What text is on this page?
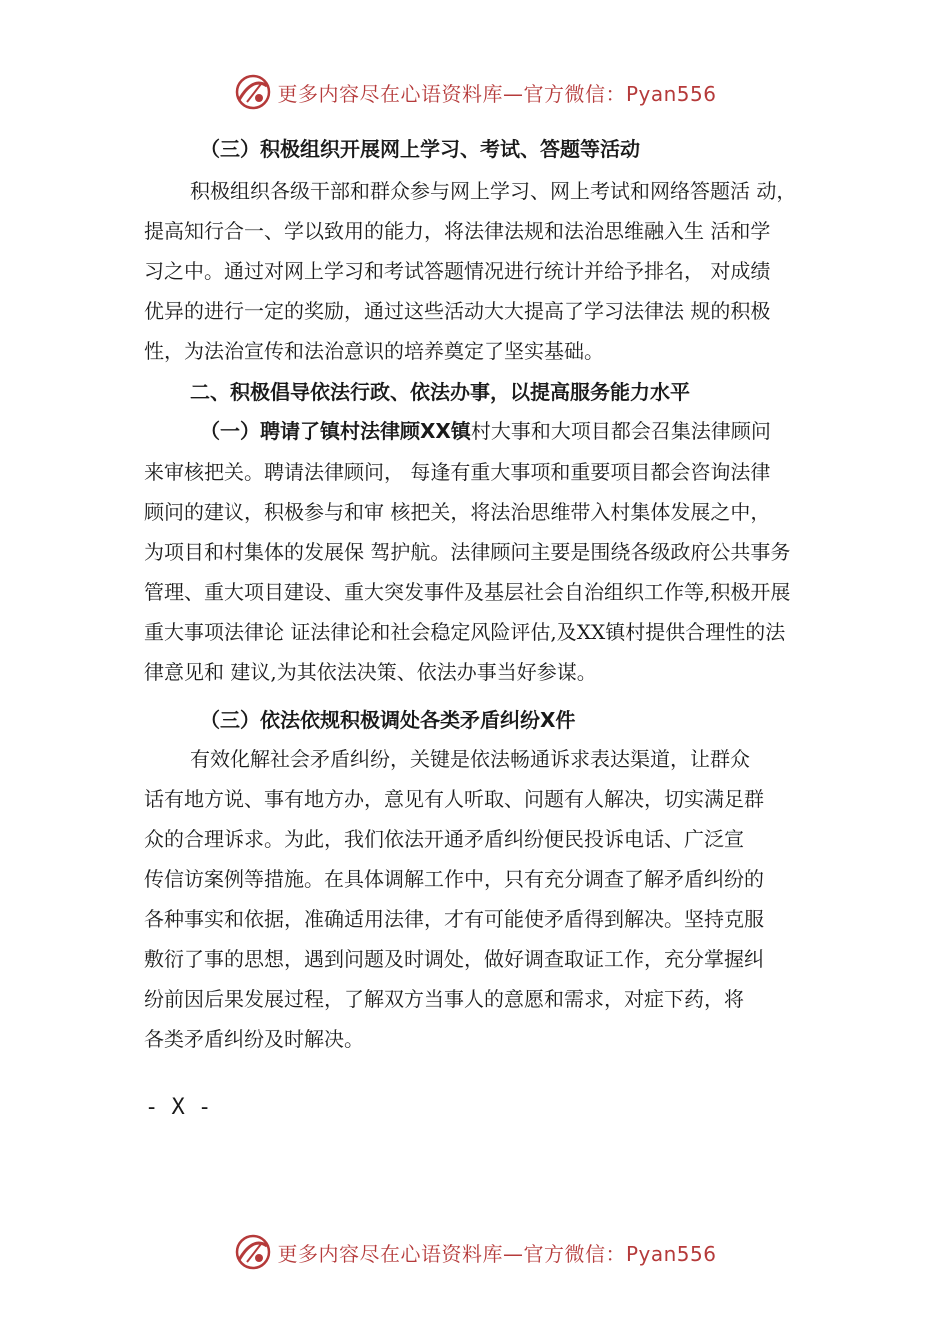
更多内容尽在心语资料库—官方微信：Pyan556
（三）积极组织开展网上学习、考试、答题等活动
积极组织各级干部和群众参与网上学习、网上考试和网络答题活 动，
提高知行合一、学以致用的能力，将法律法规和法治思维融入生 活和学
习之中。通过对网上学习和考试答题情况进行统计并给予排名， 对成绩
优异的进行一定的奖励，通过这些活动大大提高了学习法律法 规的积极
性，为法治宣传和法治意识的培养奠定了坚实基础。
二、积极倡导依法行政、依法办事，以提高服务能力水平
（一）聘请了镇村法律顾XX镇村大事和大项目都会召集法律顾问
来审核把关。聘请法律顾问， 每逢有重大事项和重要项目都会咨询法律
顾问的建议，积极参与和审 核把关，将法治思维带入村集体发展之中，
为项目和村集体的发展保 驾护航。法律顾问主要是围绕各级政府公共事务
管理、重大项目建设、重大突发事件及基层社会自治组织工作等,积极开展
重大事项法律论 证法律论和社会稳定风险评估,及XX镇村提供合理性的法
律意见和 建议,为其依法决策、依法办事当好参谋。
（三）依法依规积极调处各类矛盾纠纷X件
有效化解社会矛盾纠纷，关键是依法畅通诉求表达渠道，让群众
话有地方说、事有地方办，意见有人听取、问题有人解决，切实满足群
众的合理诉求。为此，我们依法开通矛盾纠纷便民投诉电话、广泛宣
传信访案例等措施。在具体调解工作中，只有充分调查了解矛盾纠纷的
各种事实和依据，准确适用法律，才有可能使矛盾得到解决。坚持克服
敷衍了事的思想，遇到问题及时调处，做好调查取证工作，充分掌握纠
纷前因后果发展过程，了解双方当事人的意愿和需求，对症下药，将
各类矛盾纠纷及时解决。
- X -
更多内容尽在心语资料库—官方微信：Pyan556
